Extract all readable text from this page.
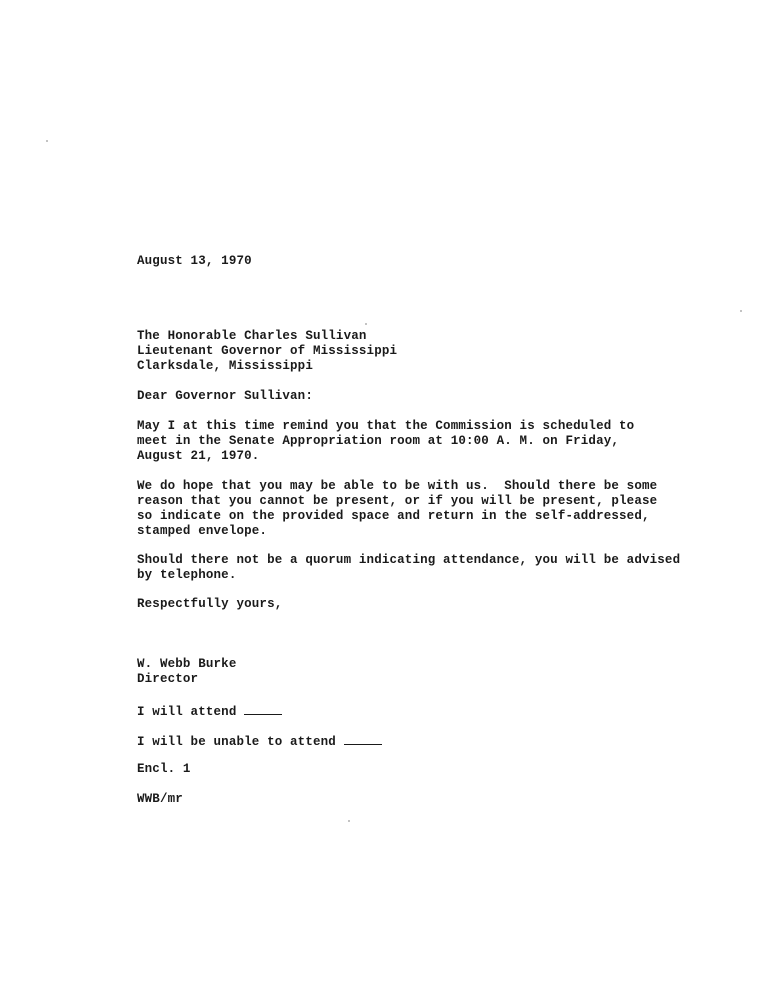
- - - -
August 13, 1970
The Honorable Charles Sullivan
Lieutenant Governor of Mississippi
Clarksdale, Mississippi
Dear Governor Sullivan:
May I at this time remind you that the Commission is scheduled to
meet in the Senate Appropriation room at 10:00 A. M. on Friday,
August 21, 1970.
We do hope that you may be able to be with us.  Should there be some
reason that you cannot be present, or if you will be present, please
so indicate on the provided space and return in the self-addressed,
stamped envelope.
Should there not be a quorum indicating attendance, you will be advised
by telephone.
Respectfully yours,
W. Webb Burke
Director
I will attend
I will be unable to attend
Encl. 1
WWB/mr
